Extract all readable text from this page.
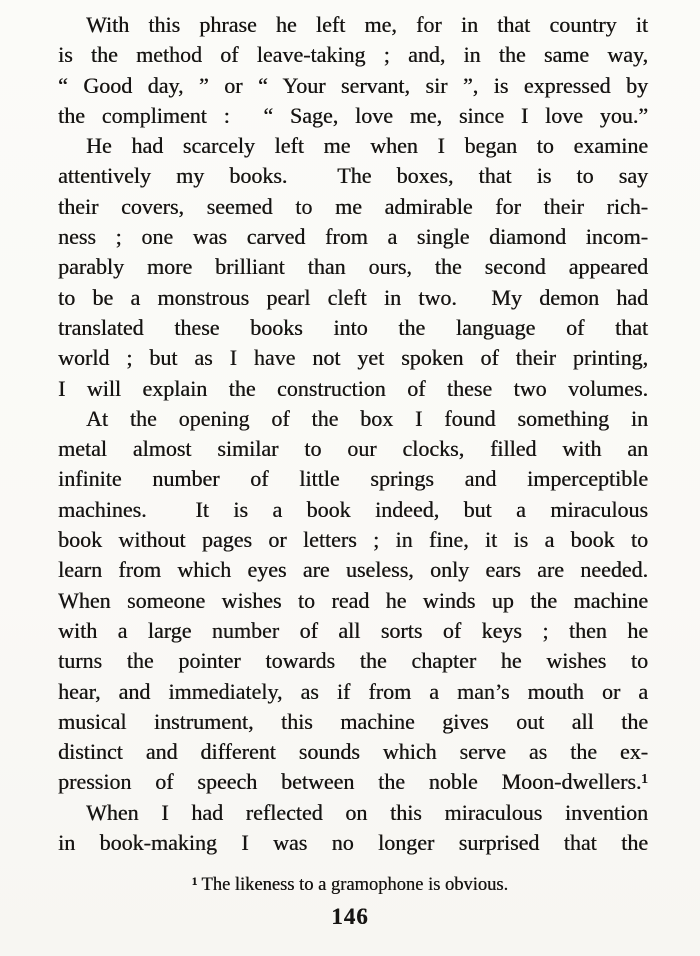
With this phrase he left me, for in that country it
is the method of leave-taking ; and, in the same way,
“ Good day, ” or “ Your servant, sir ”, is expressed by
the compliment :  “ Sage, love me, since I love you.”
He had scarcely left me when I began to examine
attentively my books.  The boxes, that is to say
their covers, seemed to me admirable for their rich-
ness ; one was carved from a single diamond incom-
parably more brilliant than ours, the second appeared
to be a monstrous pearl cleft in two.  My demon had
translated these books into the language of that
world ; but as I have not yet spoken of their printing,
I will explain the construction of these two volumes.
At the opening of the box I found something in
metal almost similar to our clocks, filled with an
infinite number of little springs and imperceptible
machines.  It is a book indeed, but a miraculous
book without pages or letters ; in fine, it is a book to
learn from which eyes are useless, only ears are needed.
When someone wishes to read he winds up the machine
with a large number of all sorts of keys ; then he
turns the pointer towards the chapter he wishes to
hear, and immediately, as if from a man’s mouth or a
musical instrument, this machine gives out all the
distinct and different sounds which serve as the ex-
pression of speech between the noble Moon-dwellers.¹
When I had reflected on this miraculous invention
in book-making I was no longer surprised that the
¹ The likeness to a gramophone is obvious.
146
